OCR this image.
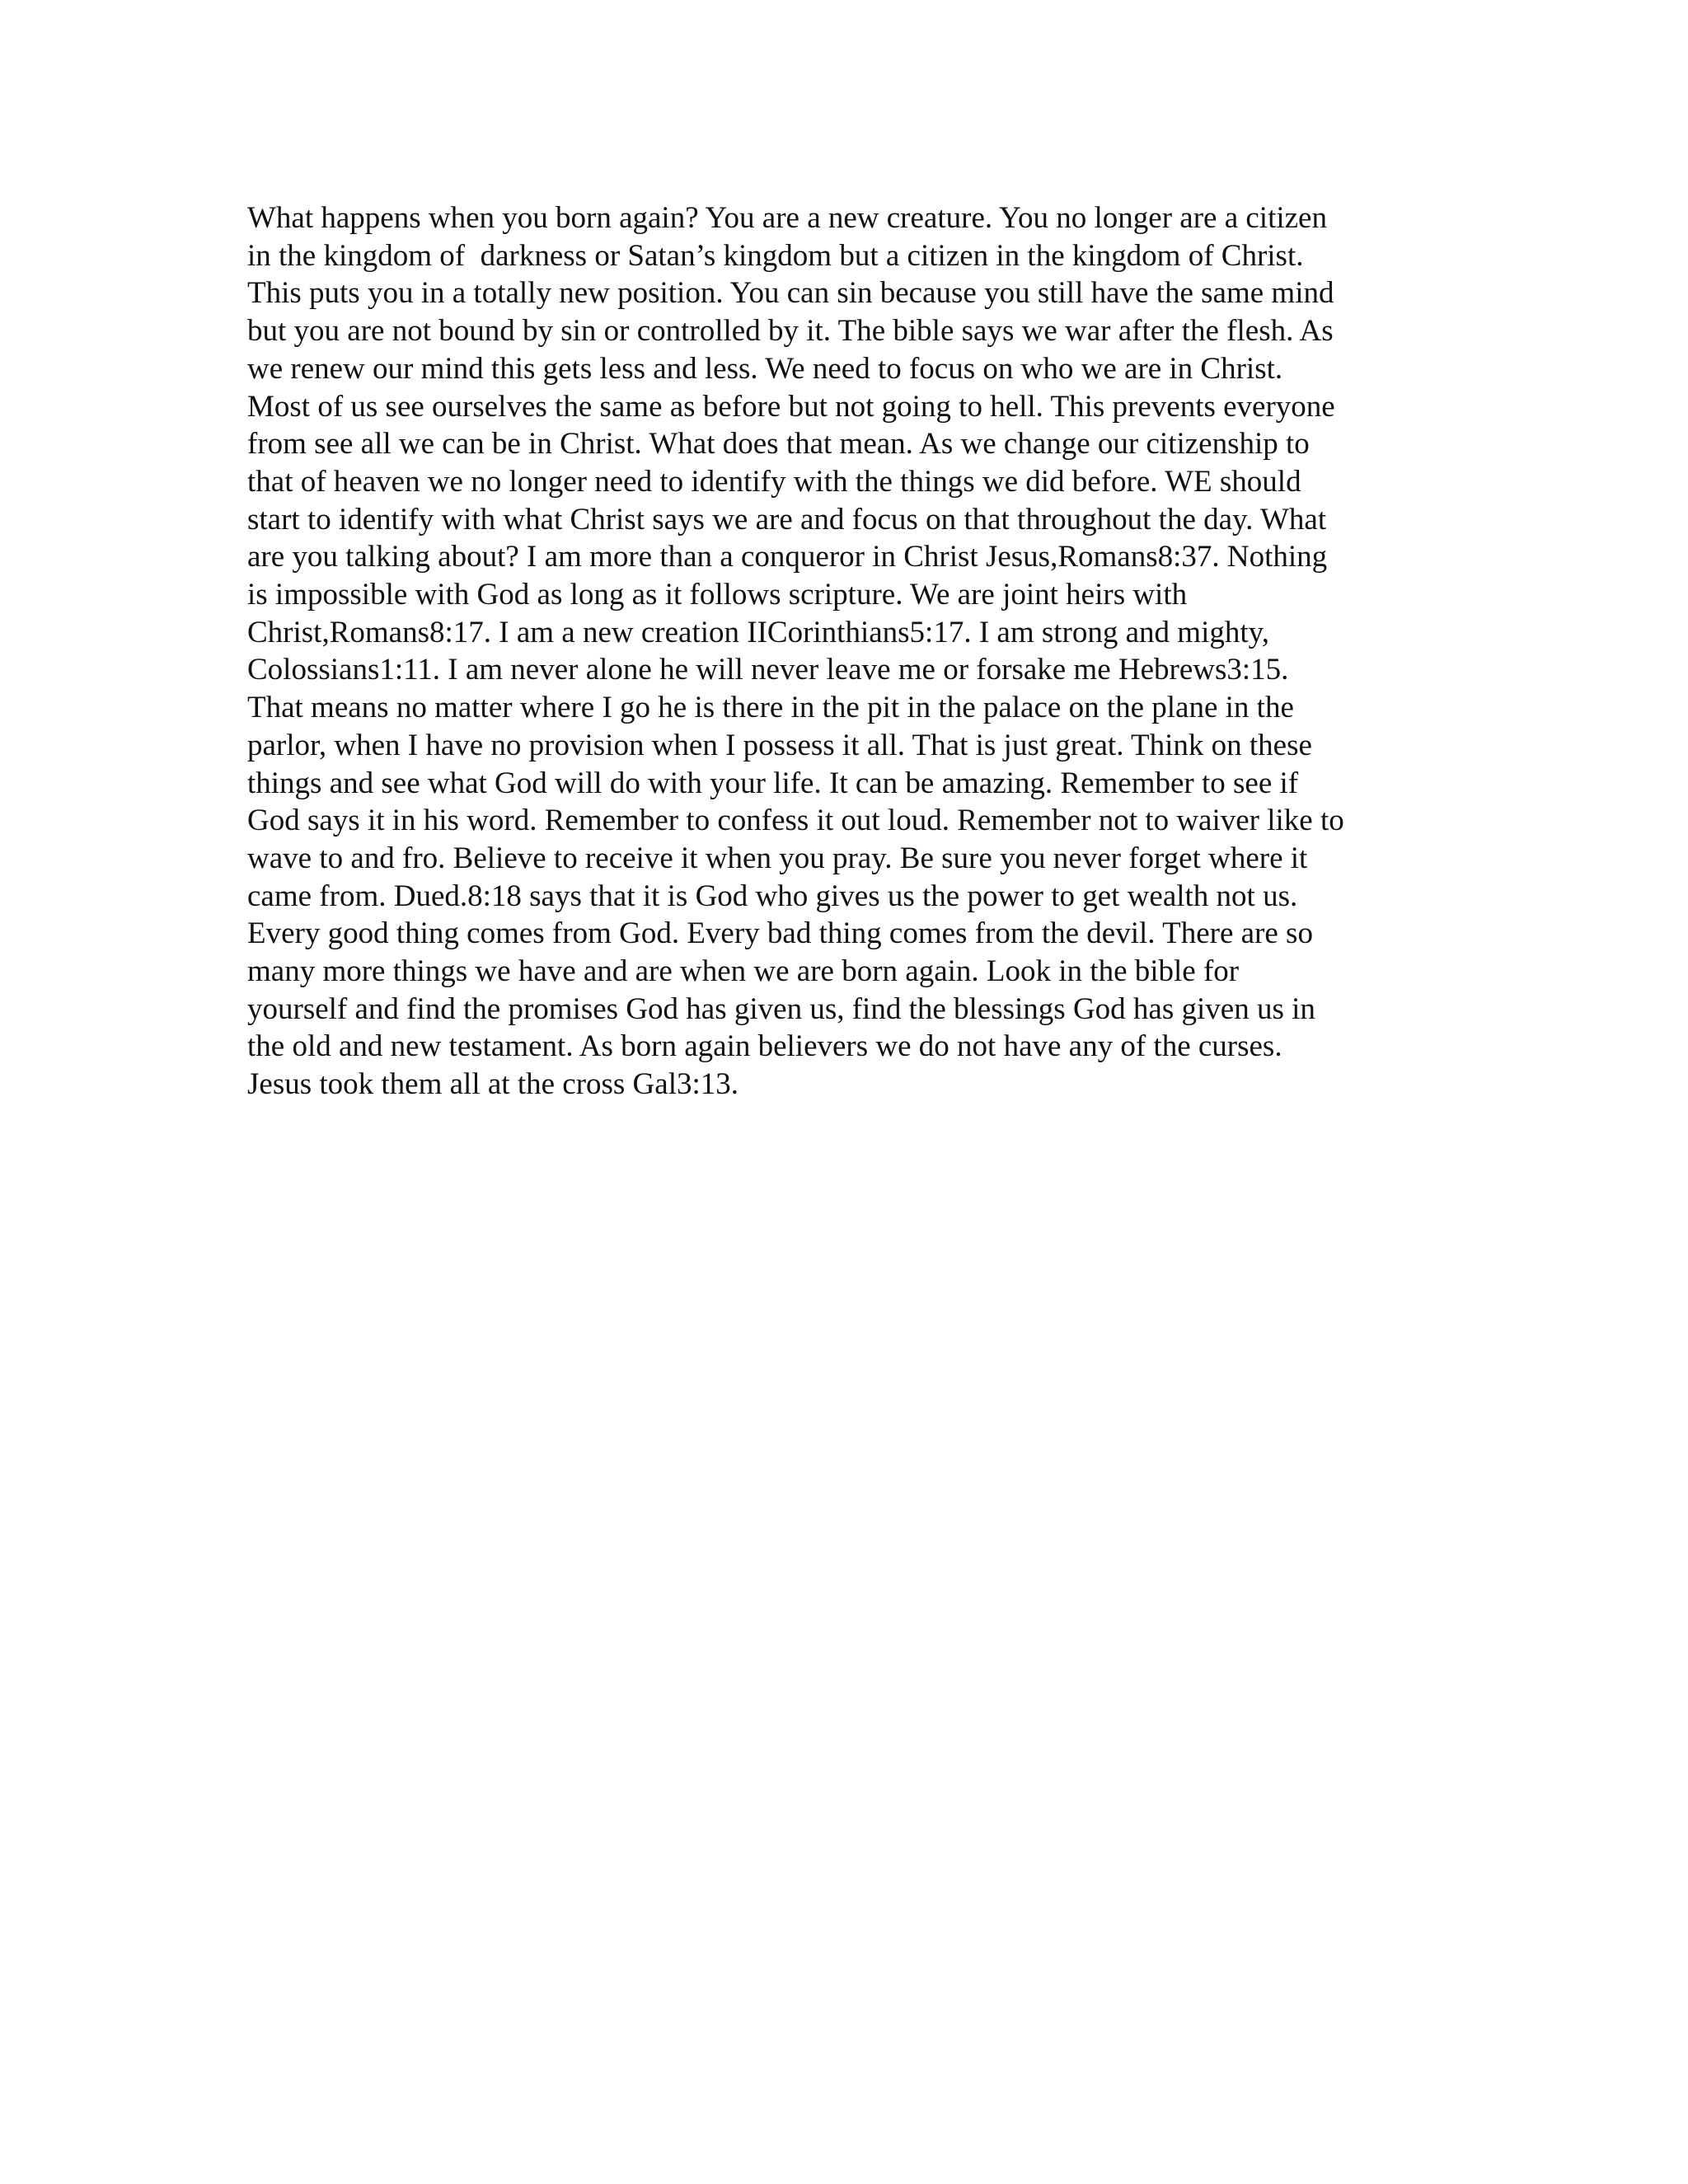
What happens when you born again? You are a new creature. You no longer are a citizen
in the kingdom of  darkness or Satan’s kingdom but a citizen in the kingdom of Christ.
This puts you in a totally new position. You can sin because you still have the same mind
but you are not bound by sin or controlled by it. The bible says we war after the flesh. As
we renew our mind this gets less and less. We need to focus on who we are in Christ.
Most of us see ourselves the same as before but not going to hell. This prevents everyone
from see all we can be in Christ. What does that mean. As we change our citizenship to
that of heaven we no longer need to identify with the things we did before. WE should
start to identify with what Christ says we are and focus on that throughout the day. What
are you talking about? I am more than a conqueror in Christ Jesus,Romans8:37. Nothing
is impossible with God as long as it follows scripture. We are joint heirs with
Christ,Romans8:17. I am a new creation IICorinthians5:17. I am strong and mighty,
Colossians1:11. I am never alone he will never leave me or forsake me Hebrews3:15.
That means no matter where I go he is there in the pit in the palace on the plane in the
parlor, when I have no provision when I possess it all. That is just great. Think on these
things and see what God will do with your life. It can be amazing. Remember to see if
God says it in his word. Remember to confess it out loud. Remember not to waiver like to
wave to and fro. Believe to receive it when you pray. Be sure you never forget where it
came from. Dued.8:18 says that it is God who gives us the power to get wealth not us.
Every good thing comes from God. Every bad thing comes from the devil. There are so
many more things we have and are when we are born again. Look in the bible for
yourself and find the promises God has given us, find the blessings God has given us in
the old and new testament. As born again believers we do not have any of the curses.
Jesus took them all at the cross Gal3:13.
